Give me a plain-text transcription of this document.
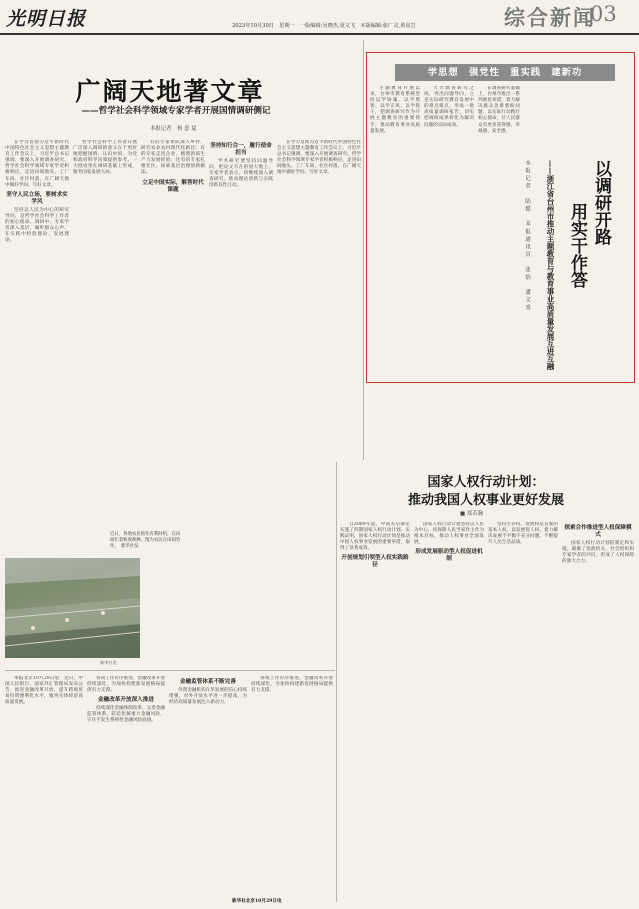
光明日报	2023年10月30日　星期一　一版编辑:吴晓杰,夏文飞　本版编辑:张广灵,黄显岂	综合新闻
03
广阔天地著文章
——哲学社会科学领域专家学者开展国情调研侧记
本报记者　杨 意 夏

在学习贯彻习近平新时代中国特色社会主义思想主题教育工作会议上，习近平总书记强调，要深入开展调查研究。哲学社会科学领域专家学者积极响应，走进田间地头、工厂车间、社区村落，在广阔天地中做好学问、写好文章。

坚守人民立场，要树求实学风

坚持以人民为中心的研究导向，是哲学社会科学工作者的初心使命。调研中，专家学者深入基层，倾听群众心声，在实践中检验理论、发展理论。

哲学社会科学工作者开展广泛深入调研的意义在于更好地把握国情、认识中国，为党和政府科学决策提供参考。一大批成果在调研基础上形成，服务国家发展大局。

有的专家带队深入乡村，研究农业农村现代化路径；有的专家走进企业，梳理新质生产力发展经验；还有的专家扎根社区，探索基层治理创新做法。

立足中国实际，解答时代课题

坚持知行合一，履行使命担当

学术研究要坚持问题导向，把论文写在祖国大地上。专家学者表示，将继续深入调查研究，推动理论创新与实践创新良性互动。

在学习贯彻习近平新时代中国特色社会主义思想主题教育工作会议上，习近平总书记强调，要深入开展调查研究。哲学社会科学领域专家学者积极响应，走进田间地头、工厂车间、社区村落，在广阔天地中做好学问、写好文章。

学思想　强党性　重实践　建新功
以调研开路
用实干作答
——浙江省台州市推动主题教育与教育事业高质量发展互进互融
本报记者　陆健　本报通讯员　张怡　潘文秀

主题教育开展以来，台州市教育系统坚持以学铸魂、以学增智、以学正风、以学促干，把调查研究作为开展主题教育的重要抓手，推动教育事业高质量发展。

大兴调查研究之风，突出问题导向，立足实际研究教育发展中的难点堵点，形成一批高质量调研报告，切实把调研成果转化为解决问题的实际成效。

在调查研究基础上，台州市推出一系列惠民举措，着力解决群众急难愁盼问题，以实际行动践行初心使命，让人民群众有更多获得感、幸福感、安全感。

国家人权行动计划：
推动我国人权事业更好发展
■ 郑若瀚
近日，各地农民抓住有利时机，在田间忙着秋收秋种。图为农民在田间劳作。　新华社发
新华社发

本报北京10月29日电　近日，中国人民银行、国家外汇管理局发布公告，推进金融改革开放，提升跨境贸易投资便利化水平，服务实体经济高质量发展。

各项工作有序推进，金融改革开放持续深化，为加快构建新发展格局提供有力支撑。

金融改革开放深入推进

持续深化金融体制改革，完善金融监管体系，防范化解重大金融风险，守住不发生系统性金融风险底线。

金融监管体系不断完善

外资金融机构在华发展的信心持续增强，对外开放水平进一步提高，为经济高质量发展注入新动力。

各项工作有序推进，金融改革开放持续深化，为加快构建新发展格局提供有力支撑。

自2009年起，中国先后制定实施了四期国家人权行动计划。实践证明，国家人权行动计划是推动中国人权事业发展的重要举措，取得了显著成效。

开创规划引领型人权实践路径

国家人权行动计划坚持以人民为中心，将保障人民当家作主作为根本目标，推动人权事业全面发展。

形成发展驱动型人权促进机制

坚持生存权、发展权是首要的基本人权，以发展促人权，着力解决发展不平衡不充分问题，不断提升人民生活品质。

探索合作推进型人权保障模式

国家人权行动计划的制定和实施，凝聚了党政机关、社会组织和专家学者的共识，形成了人权保障的强大合力。

新华社北京10月29日电
